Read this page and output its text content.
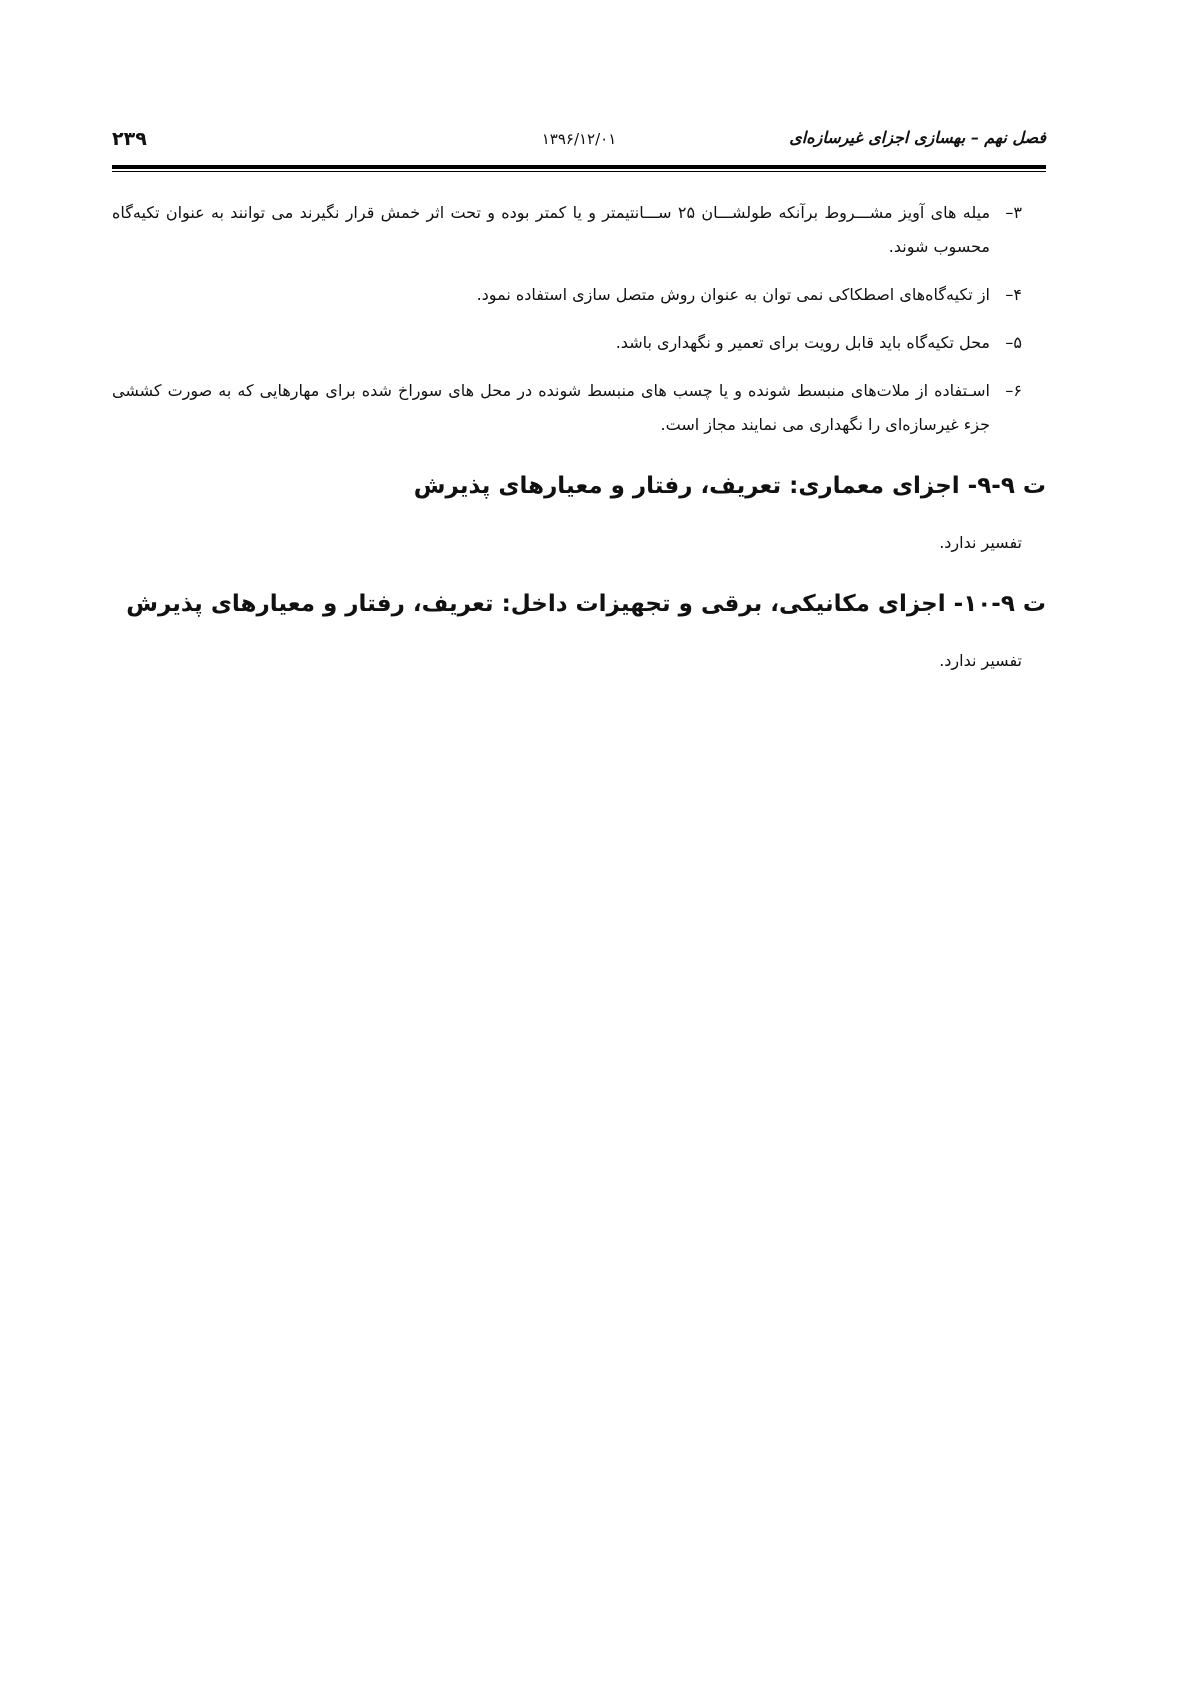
۲۳۹	۱۳۹۶/۱۲/۰۱	فصل نهم – بهسازی اجزای غیرسازه‌ای
۳–
میله های آویز مشـــروط برآنکه طولشـــان ۲۵ ســـانتیمتر و یا کمتر بوده و تحت اثر خمش قرار نگیرند می توانند به عنوان تکیه‌گاه محسوب شوند.
۴–
از تکیه‌گاه‌های اصطکاکی نمی توان به عنوان روش متصل سازی استفاده نمود.
۵–
محل تکیه‌گاه باید قابل رویت برای تعمیر و نگهداری باشد.
۶–
اسـتفاده از ملات‌های منبسط شونده و یا چسب های منبسط شونده در محل های سوراخ شده برای مهارهایی که به صورت کششی جزء غیرسازه‌ای را نگهداری می نمایند مجاز است.
ت ۹-۹- اجزای معماری: تعریف، رفتار و معیارهای پذیرش
تفسیر ندارد.
ت ۹-۱۰- اجزای مکانیکی، برقی و تجهیزات داخل: تعریف، رفتار و معیارهای پذیرش
تفسیر ندارد.
